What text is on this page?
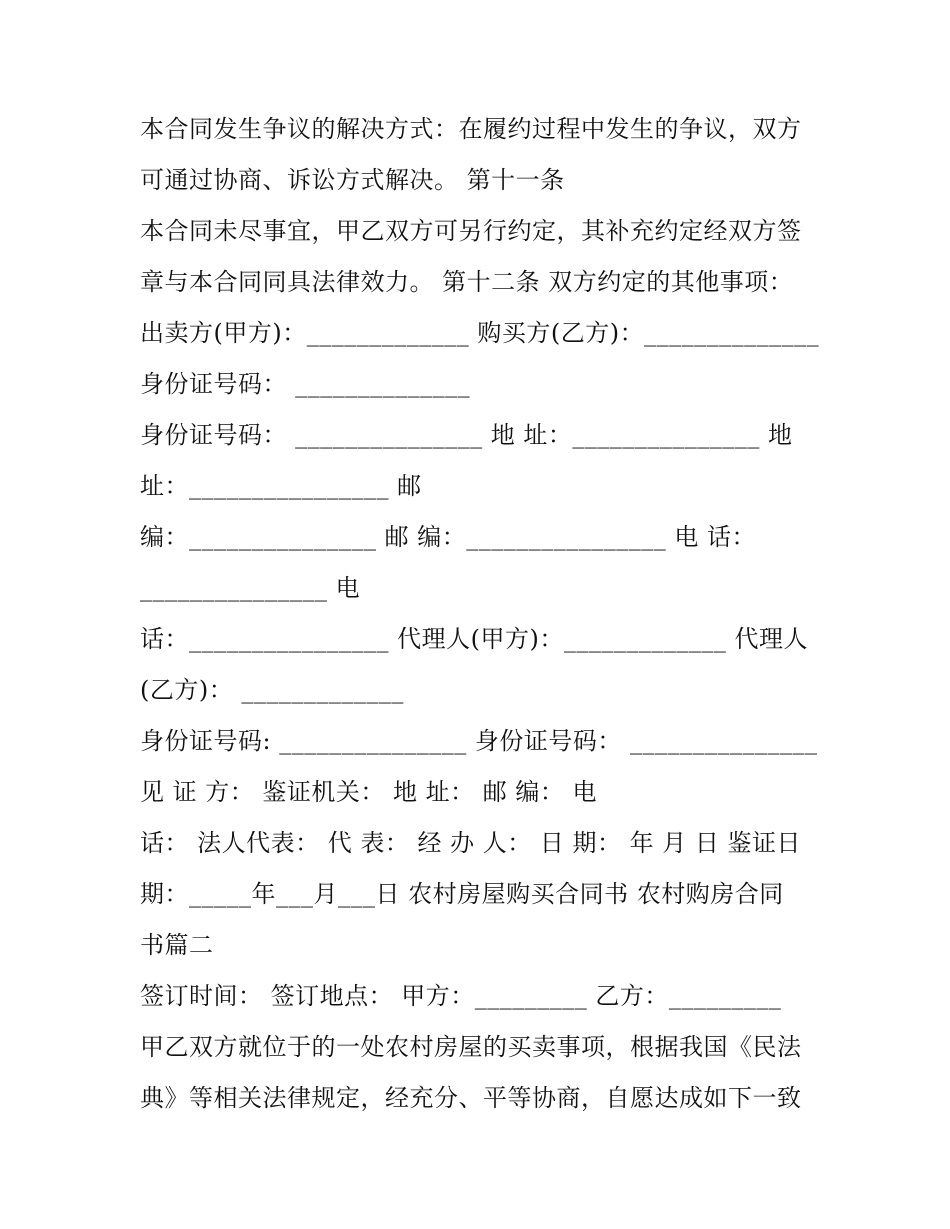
本合同发生争议的解决方式：在履约过程中发生的争议，双方
可通过协商、诉讼方式解决。 第十一条
本合同未尽事宜，甲乙双方可另行约定，其补充约定经双方签
章与本合同同具法律效力。 第十二条 双方约定的其他事项：
出卖方(甲方)：_____________ 购买方(乙方)：______________
身份证号码： ______________
身份证号码： _______________ 地 址：_______________ 地
址：________________ 邮
编：_______________ 邮 编：________________ 电 话：
_______________ 电
话：________________ 代理人(甲方)：_____________ 代理人
(乙方)： _____________
身份证号码: _______________ 身份证号码： _______________
见 证 方： 鉴证机关： 地 址： 邮 编： 电
话： 法人代表： 代 表： 经 办 人： 日 期： 年 月 日 鉴证日
期：_____年___月___日 农村房屋购买合同书 农村购房合同
书篇二
签订时间： 签订地点： 甲方：_________ 乙方：_________
甲乙双方就位于的一处农村房屋的买卖事项，根据我国《民法
典》等相关法律规定，经充分、平等协商，自愿达成如下一致
